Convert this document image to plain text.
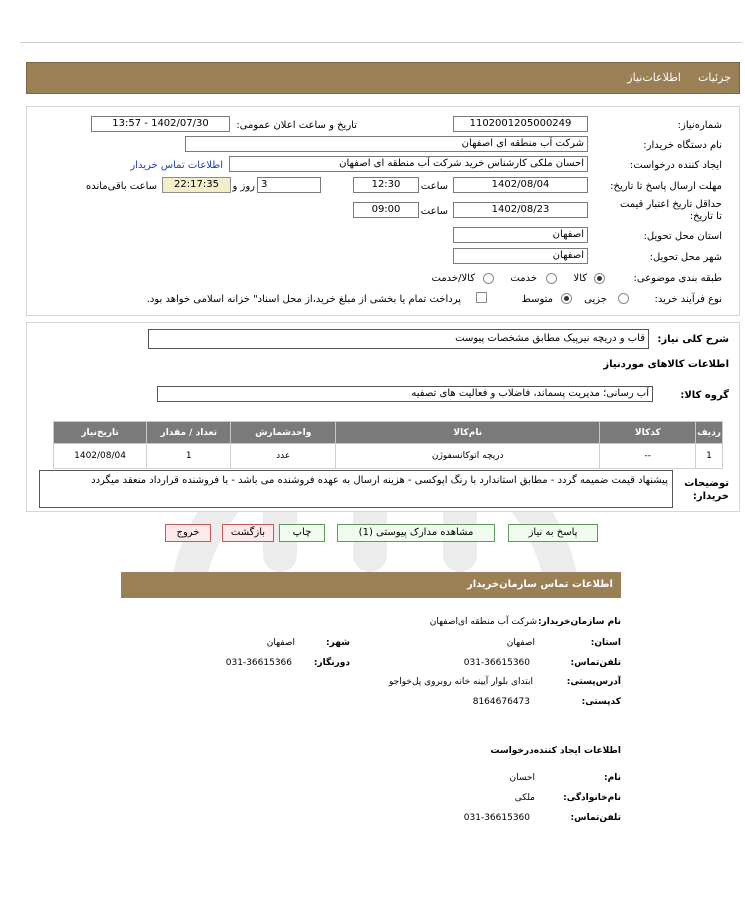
جزئیات
اطلاعات‌نیاز
شماره‌نیاز:
1102001205000249
تاریخ و ساعت اعلان عمومی:
1402/07/30 - 13:57
نام دستگاه خریدار:
شرکت آب منطقه ای اصفهان
ایجاد کننده درخواست:
احسان ملکی کارشناس خرید شرکت آب منطقه ای اصفهان
اطلاعات تماس خریدار
مهلت ارسال پاسخ تا تاریخ:
1402/08/04
ساعت
12:30
3
روز و
22:17:35
ساعت باقی‌مانده
حداقل تاریخ اعتبار قیمت
تا تاریخ:
1402/08/23
ساعت
09:00
استان محل تحویل:
اصفهان
شهر محل تحویل:
اصفهان
طبقه بندی موضوعی:
کالا
خدمت
کالا/خدمت
نوع فرآیند خرید:
جزیی
متوسط
پرداخت تمام یا بخشی از مبلغ خرید،از محل اسناد" خزانه اسلامی خواهد بود.
شرح کلی نیاز:
قاب و دریچه نیرپیک مطابق مشخصات پیوست
اطلاعات کالاهای موردنیاز
گروه کالا:
آب رسانی؛ مدیریت پسماند، فاضلاب و فعالیت های تصفیه
ردیف	کدکالا	نام‌کالا	واحدشمارش	تعداد / مقدار	تاریخ‌نیاز
1	--	دریچه اتوکانسفوژن	عدد	1	1402/08/04
توضیحات خریدار:
پیشنهاد قیمت ضمیمه گردد - مطابق استاندارد با رنگ اپوکسی - هزینه ارسال به عهده فروشنده می باشد - با فروشنده قرارداد منعقد میگردد
پاسخ به نیاز
مشاهده مدارک پیوستی (1)
چاپ
بازگشت
خروج
اطلاعات تماس سازمان‌خریدار
نام سازمان‌خریدار:
شرکت آب منطقه ای‌اصفهان
استان:
اصفهان
شهر:
اصفهان
تلفن‌تماس:
031-36615360
دورنگار:
031-36615366
آدرس‌پستی:
ابتدای بلوار آیینه خانه روبروی پل‌خواجو
کدپستی:
8164676473
اطلاعات ایجاد کننده‌درخواست
نام:
احسان
نام‌خانوادگی:
ملکی
تلفن‌تماس:
031-36615360
